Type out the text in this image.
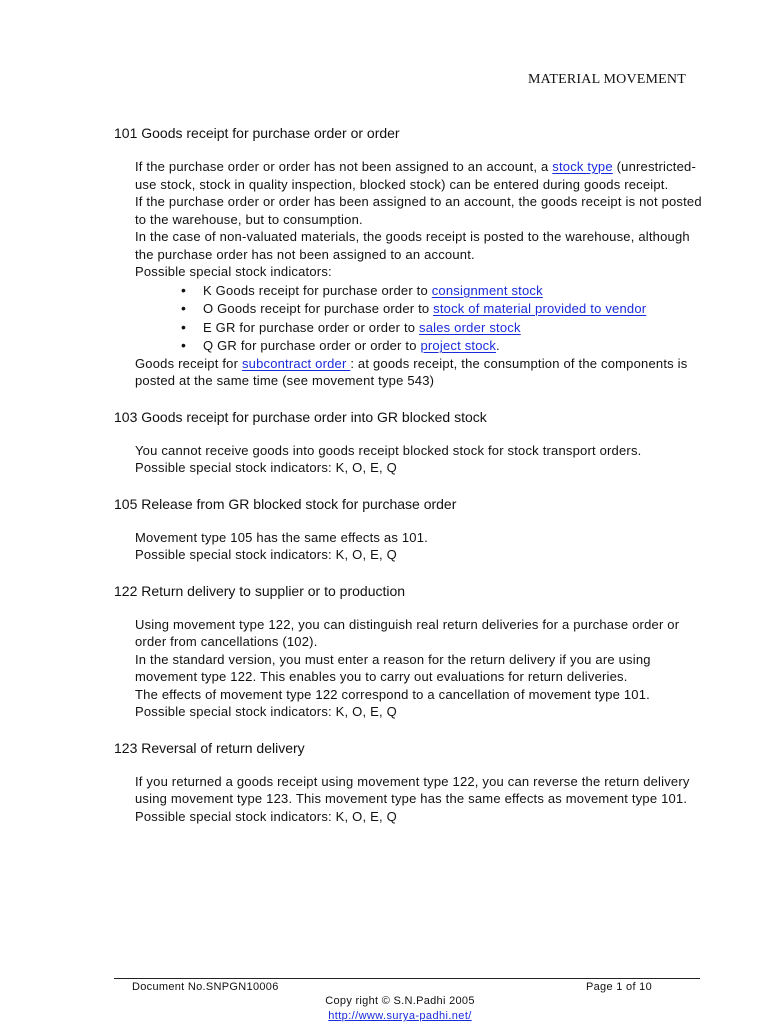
MATERIAL MOVEMENT
101 Goods receipt for purchase order or order

If the purchase order or order has not been assigned to an account, a stock type (unrestricted-use stock, stock in quality inspection, blocked stock) can be entered during goods receipt.

If the purchase order or order has been assigned to an account, the goods receipt is not posted to the warehouse, but to consumption.

In the case of non-valuated materials, the goods receipt is posted to the warehouse, although the purchase order has not been assigned to an account.

Possible special stock indicators:

• K Goods receipt for purchase order to consignment stock
• O Goods receipt for purchase order to stock of material provided to vendor
• E GR for purchase order or order to sales order stock
• Q GR for purchase order or order to project stock.

Goods receipt for subcontract order : at goods receipt, the consumption of the components is posted at the same time (see movement type 543)

103 Goods receipt for purchase order into GR blocked stock

You cannot receive goods into goods receipt blocked stock for stock transport orders.

Possible special stock indicators: K, O, E, Q

105 Release from GR blocked stock for purchase order

Movement type 105 has the same effects as 101.

Possible special stock indicators: K, O, E, Q

122 Return delivery to supplier or to production

Using movement type 122, you can distinguish real return deliveries for a purchase order or order from cancellations (102).

In the standard version, you must enter a reason for the return delivery if you are using movement type 122. This enables you to carry out evaluations for return deliveries.

The effects of movement type 122 correspond to a cancellation of movement type 101.

Possible special stock indicators: K, O, E, Q

123 Reversal of return delivery

If you returned a goods receipt using movement type 122, you can reverse the return delivery using movement type 123. This movement type has the same effects as movement type 101.

Possible special stock indicators: K, O, E, Q

Document No.SNPGN10006	Page 1 of 10
Copy right © S.N.Padhi 2005
http://www.surya-padhi.net/
